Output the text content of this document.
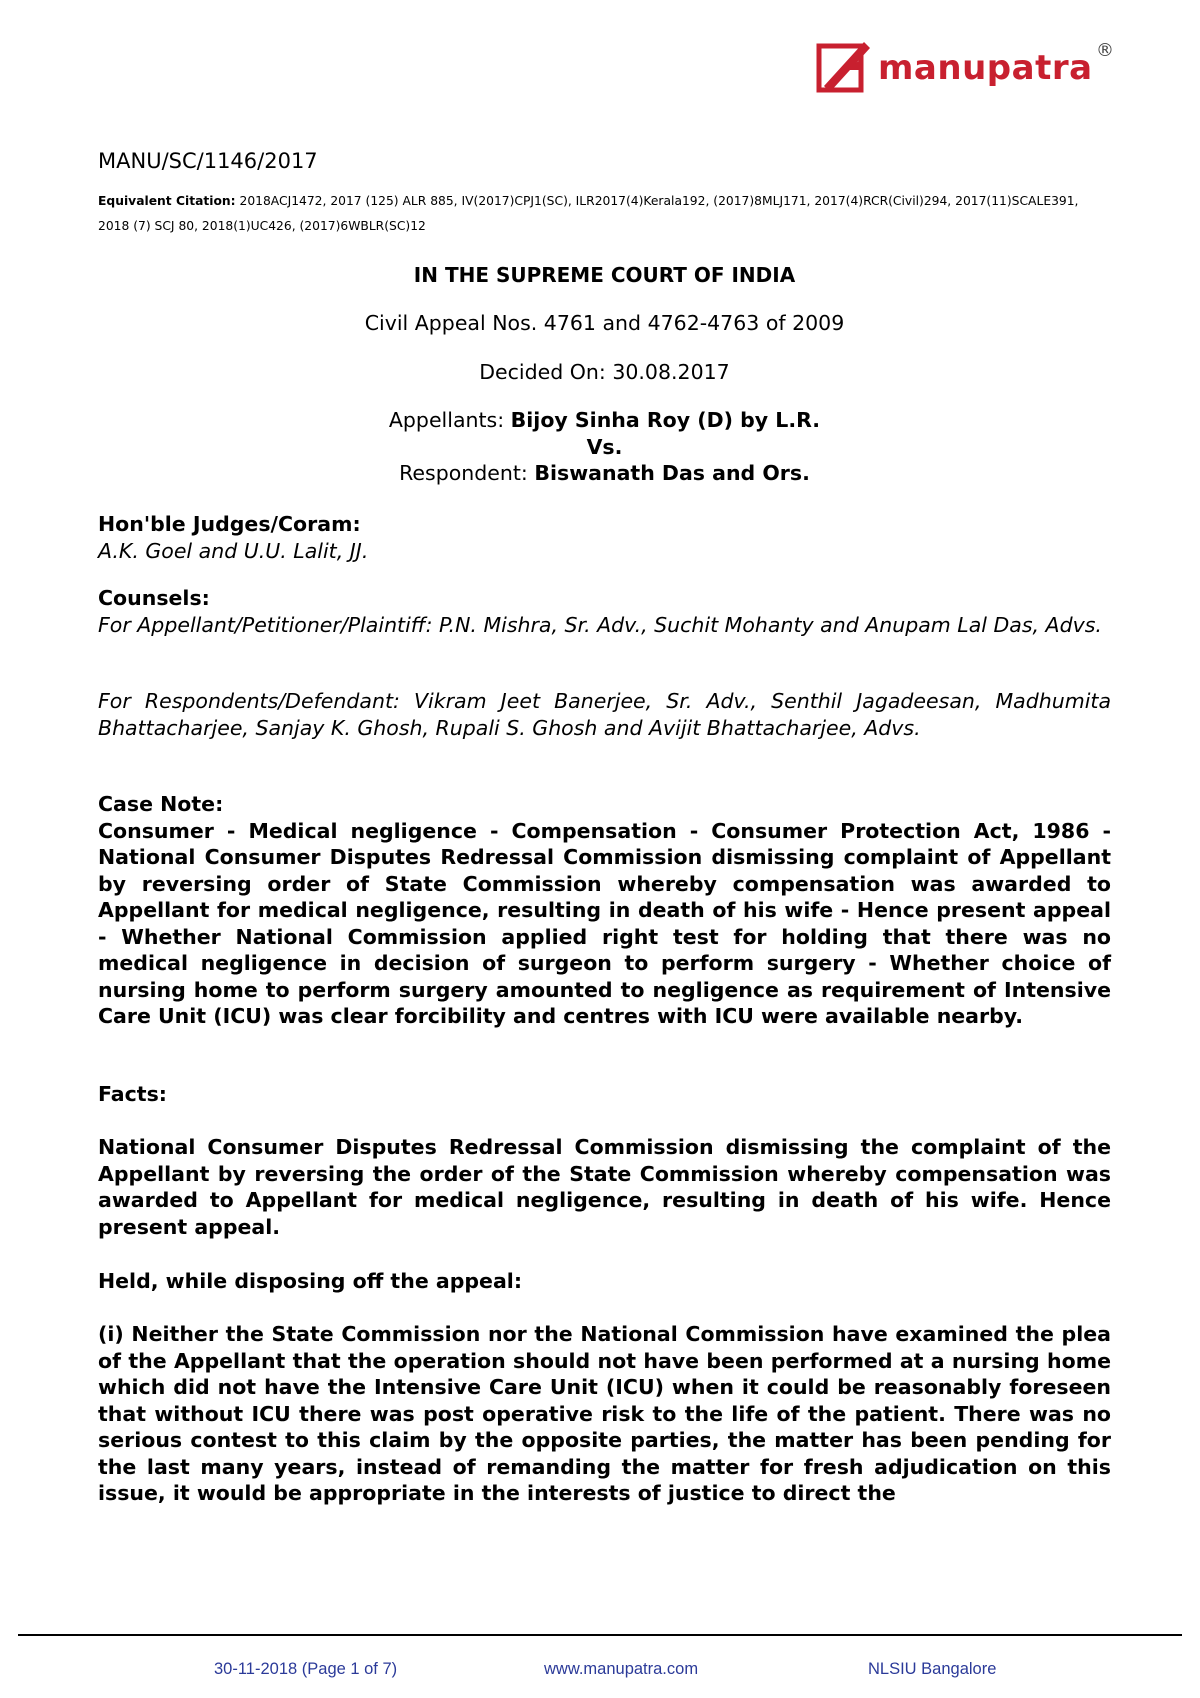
manupatra ®
MANU/SC/1146/2017
Equivalent Citation: 2018ACJ1472, 2017 (125) ALR 885, IV(2017)CPJ1(SC), ILR2017(4)Kerala192, (2017)8MLJ171, 2017(4)RCR(Civil)294, 2017(11)SCALE391, 2018 (7) SCJ 80, 2018(1)UC426, (2017)6WBLR(SC)12
IN THE SUPREME COURT OF INDIA
Civil Appeal Nos. 4761 and 4762-4763 of 2009
Decided On: 30.08.2017
Appellants: Bijoy Sinha Roy (D) by L.R.
Vs.
Respondent: Biswanath Das and Ors.
Hon'ble Judges/Coram:
A.K. Goel and U.U. Lalit, JJ.
Counsels:
For Appellant/Petitioner/Plaintiff: P.N. Mishra, Sr. Adv., Suchit Mohanty and Anupam Lal Das, Advs.
For Respondents/Defendant: Vikram Jeet Banerjee, Sr. Adv., Senthil Jagadeesan, Madhumita Bhattacharjee, Sanjay K. Ghosh, Rupali S. Ghosh and Avijit Bhattacharjee, Advs.
Case Note:
Consumer - Medical negligence - Compensation - Consumer Protection Act, 1986 - National Consumer Disputes Redressal Commission dismissing complaint of Appellant by reversing order of State Commission whereby compensation was awarded to Appellant for medical negligence, resulting in death of his wife - Hence present appeal - Whether National Commission applied right test for holding that there was no medical negligence in decision of surgeon to perform surgery - Whether choice of nursing home to perform surgery amounted to negligence as requirement of Intensive Care Unit (ICU) was clear forcibility and centres with ICU were available nearby.
Facts:
National Consumer Disputes Redressal Commission dismissing the complaint of the Appellant by reversing the order of the State Commission whereby compensation was awarded to Appellant for medical negligence, resulting in death of his wife. Hence present appeal.
Held, while disposing off the appeal:
(i) Neither the State Commission nor the National Commission have examined the plea of the Appellant that the operation should not have been performed at a nursing home which did not have the Intensive Care Unit (ICU) when it could be reasonably foreseen that without ICU there was post operative risk to the life of the patient. There was no serious contest to this claim by the opposite parties, the matter has been pending for the last many years, instead of remanding the matter for fresh adjudication on this issue, it would be appropriate in the interests of justice to direct the
30-11-2018 (Page 1 of 7)	www.manupatra.com	NLSIU Bangalore
